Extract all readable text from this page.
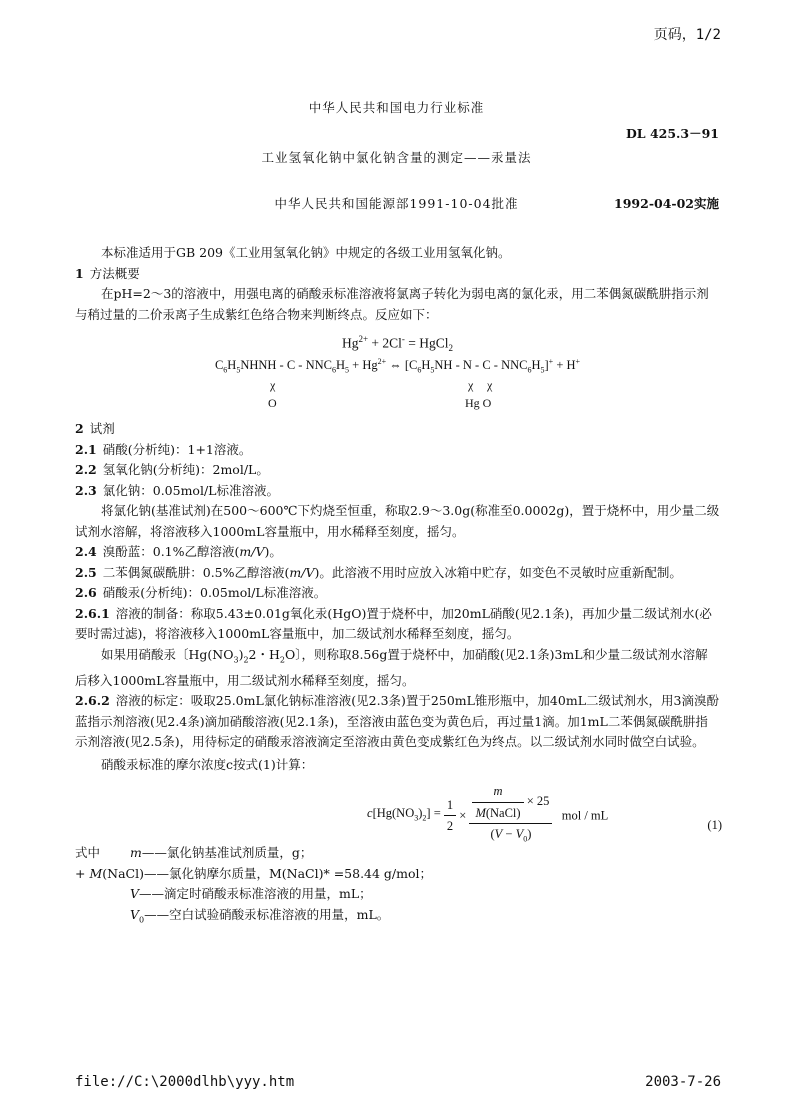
页码，1/2
中华人民共和国电力行业标准
DL 425.3－91
工业氢氧化钠中氯化钠含量的测定——汞量法
中华人民共和国能源部1991-10-04批准	1992-04-02实施

本标准适用于GB 209《工业用氢氧化钠》中规定的各级工业用氢氧化钠。

1 方法概要

在pH=2～3的溶液中，用强电离的硝酸汞标准溶液将氯离子转化为弱电离的氯化汞，用二苯偶氮碳酰肼指示剂与稍过量的二价汞离子生成紫红色络合物来判断终点。反应如下：

$Hg^{2+} + 2Cl^-$ = HgCl$_2$
$C_6H_5NHNH - C - NNC_6H_5 + Hg^{2+}$ ⇔ $[C_6H_5NH - N - C - NNC_6H_5]^+ + H^+$
χ
O
χ χ
Hg O

2 试剂

2.1 硝酸(分析纯)：1+1溶液。

2.2 氢氧化钠(分析纯)：2mol/L。

2.3 氯化钠：0.05mol/L标准溶液。

将氯化钠(基准试剂)在500～600℃下灼烧至恒重，称取2.9～3.0g(称准至0.0002g)，置于烧杯中，用少量二级试剂水溶解，将溶液移入1000mL容量瓶中，用水稀释至刻度，摇匀。

2.4 溴酚蓝：0.1%乙醇溶液(m/V)。

2.5 二苯偶氮碳酰肼：0.5%乙醇溶液(m/V)。此溶液不用时应放入冰箱中贮存，如变色不灵敏时应重新配制。

2.6 硝酸汞(分析纯)：0.05mol/L标准溶液。

2.6.1 溶液的制备：称取5.43±0.01g氧化汞(HgO)置于烧杯中，加20mL硝酸(见2.1条)，再加少量二级试剂水(必要时需过滤)，将溶液移入1000mL容量瓶中，加二级试剂水稀释至刻度，摇匀。

如果用硝酸汞〔$Hg(NO_3)_22$・$H_2O$〕，则称取8.56g置于烧杯中，加硝酸(见2.1条)3mL和少量二级试剂水溶解后移入1000mL容量瓶中，用二级试剂水稀释至刻度，摇匀。

2.6.2 溶液的标定：吸取25.0mL氯化钠标准溶液(见2.3条)置于250mL锥形瓶中，加40mL二级试剂水，用3滴溴酚蓝指示剂溶液(见2.4条)滴加硝酸溶液(见2.1条)，至溶液由蓝色变为黄色后，再过量1滴。加1mL二苯偶氮碳酰肼指示剂溶液(见2.5条)，用待标定的硝酸汞溶液滴定至溶液由黄色变成紫红色为终点。以二级试剂水同时做空白试验。

硝酸汞标准的摩尔浓度c按式(1)计算：

$c[Hg(NO_3)_2] = \frac{1}{2} \times \frac{\frac{m}{\text{M(NaCl)}} \times 25}{(V - V_0)}$ mol / mL
(1)

式中 m——氯化钠基准试剂质量，g；

+ M(NaCl)——氯化钠摩尔质量，M(NaCl)* =58.44 g/mol；

V——滴定时硝酸汞标准溶液的用量，mL；

$V_0——$空白试验硝酸汞标准溶液的用量，mL。

file://C:\2000dlhb\yyy.htm	2003-7-26
